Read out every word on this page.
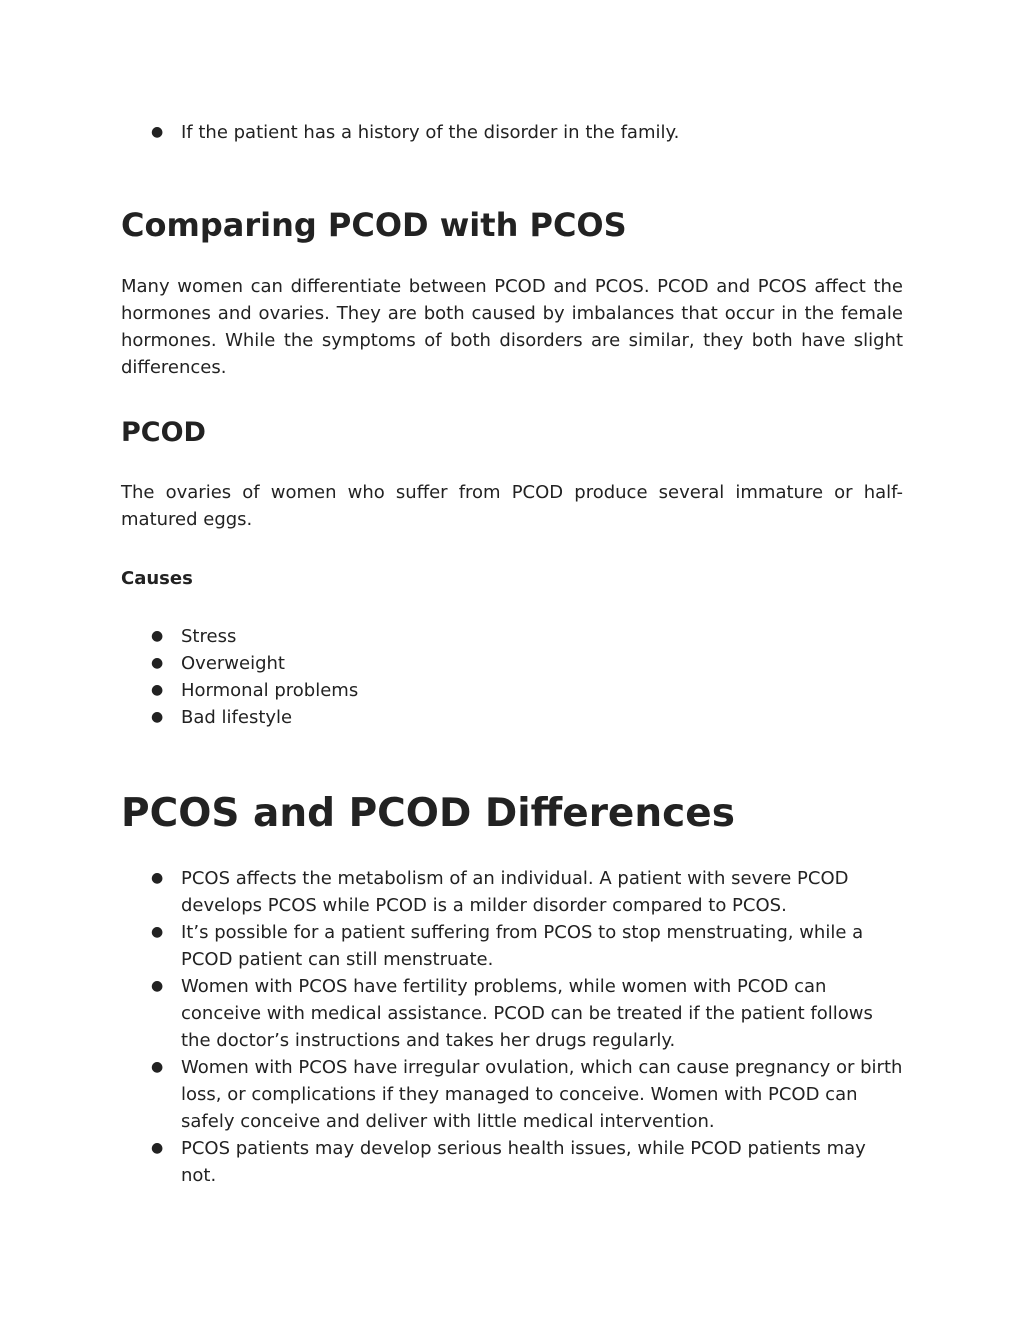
● If the patient has a history of the disorder in the family.
Comparing PCOD with PCOS

Many women can differentiate between PCOD and PCOS. PCOD and PCOS affect the hormones and ovaries. They are both caused by imbalances that occur in the female hormones. While the symptoms of both disorders are similar, they both have slight differences.

PCOD

The ovaries of women who suffer from PCOD produce several immature or half-matured eggs.

Causes
● Stress
● Overweight
● Hormonal problems
● Bad lifestyle
PCOS and PCOD Differences
● PCOS affects the metabolism of an individual. A patient with severe PCOD develops PCOS while PCOD is a milder disorder compared to PCOS.
● It’s possible for a patient suffering from PCOS to stop menstruating, while a PCOD patient can still menstruate.
● Women with PCOS have fertility problems, while women with PCOD can conceive with medical assistance. PCOD can be treated if the patient follows the doctor’s instructions and takes her drugs regularly.
● Women with PCOS have irregular ovulation, which can cause pregnancy or birth loss, or complications if they managed to conceive. Women with PCOD can safely conceive and deliver with little medical intervention.
● PCOS patients may develop serious health issues, while PCOD patients may not.
